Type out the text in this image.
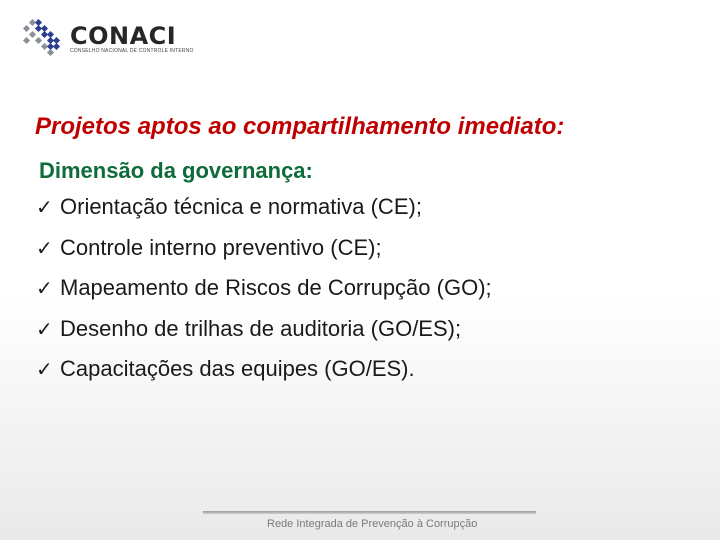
CONACI
CONSELHO NACIONAL DE CONTROLE INTERNO
Projetos aptos ao compartilhamento imediato:
Dimensão da governança:
✓ Orientação técnica e normativa (CE);
✓ Controle interno preventivo (CE);
✓ Mapeamento de Riscos de Corrupção (GO);
✓ Desenho de trilhas de auditoria (GO/ES);
✓ Capacitações das equipes (GO/ES).
Rede Integrada de Prevenção à Corrupção
